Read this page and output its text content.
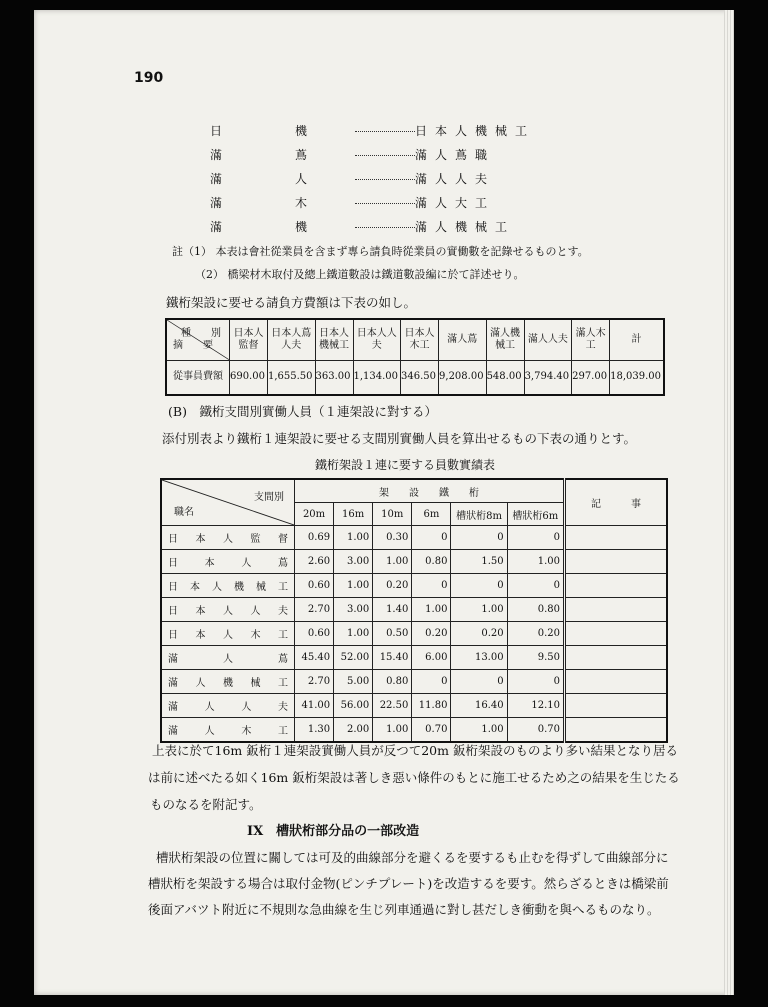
190
日	機	日本人機械工
滿	蔦	滿人蔦職
滿	人	滿人人夫
滿	木	滿人大工
滿	機	滿人機械工
註（1） 本表は會社從業員を含まず專ら請負時從業員の實働數を記錄せるものとす。
（2） 橋梁材木取付及總上鐵道數設は鐵道數設編に於て詳述せり。
鐵桁架設に要せる請負方費額は下表の如し。
種　　別
摘　　要	日本人監督	日本人蔦人夫	日本人機械工	日本人人夫	日本人木工	滿人蔦	滿人機械工	滿人人夫	滿人木工	計
從事員費額	690.00	1,655.50	363.00	1,134.00	346.50	9,208.00	548.00	3,794.40	297.00	18,039.00
(B)　鐵桁支間別實働人員（１連架設に對する）
添付別表より鐵桁１連架設に要せる支間別實働人員を算出せるもの下表の通りとす。
鐵桁架設１連に要する員數實績表
支間別
職名	架　　設　　鐵　　桁						記　　　事
	20m	16m	10m	6m	槽狀桁8m	槽狀桁6m	
日本人監督	0.69	1.00	0.30	0	0	0	
日本人蔦	2.60	3.00	1.00	0.80	1.50	1.00	
日本人機械工	0.60	1.00	0.20	0	0	0	
日本人人夫	2.70	3.00	1.40	1.00	1.00	0.80	
日本人木工	0.60	1.00	0.50	0.20	0.20	0.20	
滿人蔦	45.40	52.00	15.40	6.00	13.00	9.50	
滿人機械工	2.70	5.00	0.80	0	0	0	
滿人人夫	41.00	56.00	22.50	11.80	16.40	12.10	
滿人木工	1.30	2.00	1.00	0.70	1.00	0.70	
上表に於て16m 鈑桁１連架設實働人員が反つて20m 鈑桁架設のものより多い結果となり居る
は前に述べたる如く16m 鈑桁架設は著しき惡い條件のもとに施工せるため之の結果を生じたる
ものなるを附記す。
IX　槽狀桁部分品の一部改造
槽狀桁架設の位置に關しては可及的曲線部分を避くるを要するも止むを得ずして曲線部分に
槽狀桁を架設する場合は取付金物(ピンチプレート)を改造するを要す。然らざるときは橋梁前
後面アバツト附近に不規則な急曲線を生じ列車通過に對し甚だしき衝動を與へるものなり。
